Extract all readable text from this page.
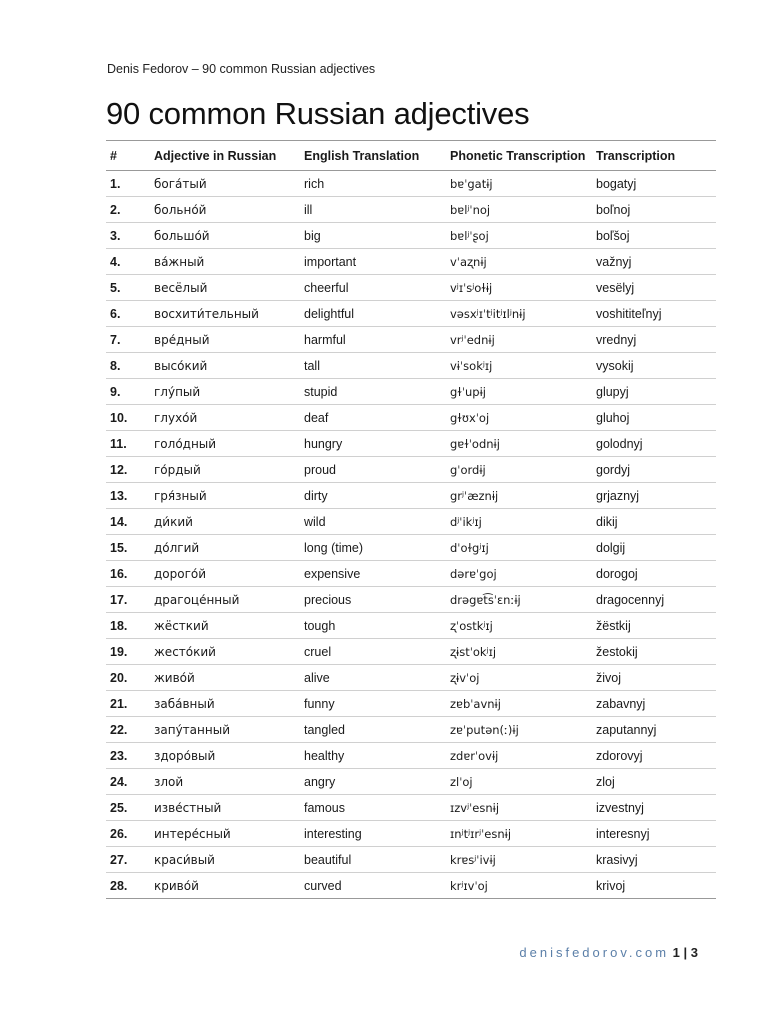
Denis Fedorov – 90 common Russian adjectives
90 common Russian adjectives
#	Adjective in Russian	English Translation	Phonetic Transcription	Transcription
1.	бога́тый	rich	bɐˈgatɨj	bogatyj
2.	больно́й	ill	bɐlʲˈnoj	boľnoj
3.	большо́й	big	bɐlʲˈʂoj	boľšoj
4.	ва́жный	important	vˈaʐnɨj	važnyj
5.	весёлый	cheerful	vʲɪˈsʲoɫɨj	vesëlyj
6.	восхити́тельный	delightful	vəsxʲɪˈtʲitʲɪlʲnɨj	voshititeľnyj
7.	вре́дный	harmful	vrʲˈednɨj	vrednyj
8.	высо́кий	tall	vɨˈsokʲɪj	vysokij
9.	глу́пый	stupid	gɫˈupɨj	glupyj
10.	глухо́й	deaf	gɫʊxˈoj	gluhoj
11.	голо́дный	hungry	gɐɫˈodnɨj	golodnyj
12.	го́рдый	proud	gˈordɨj	gordyj
13.	гря́зный	dirty	grʲˈæznɨj	grjaznyj
14.	ди́кий	wild	dʲˈikʲɪj	dikij
15.	до́лгий	long (time)	dˈoɫgʲɪj	dolgij
16.	дорого́й	expensive	dərɐˈgoj	dorogoj
17.	драгоце́нный	precious	drəgɐt͡sˈɛnːɨj	dragocennyj
18.	жёсткий	tough	ʐˈostkʲɪj	žëstkij
19.	жесто́кий	cruel	ʐɨstˈokʲɪj	žestokij
20.	живо́й	alive	ʐɨvˈoj	živoj
21.	заба́вный	funny	zɐbˈavnɨj	zabavnyj
22.	запу́танный	tangled	zɐˈputən(ː)ɨj	zaputannyj
23.	здоро́вый	healthy	zdɐrˈovɨj	zdorovyj
24.	злой	angry	zlˈoj	zloj
25.	изве́стный	famous	ɪzvʲˈesnɨj	izvestnyj
26.	интере́сный	interesting	ɪnʲtʲɪrʲˈesnɨj	interesnyj
27.	краси́вый	beautiful	krɐsʲˈivɨj	krasivyj
28.	криво́й	curved	krʲɪvˈoj	krivoj
denisfedorov.com 1 | 3
